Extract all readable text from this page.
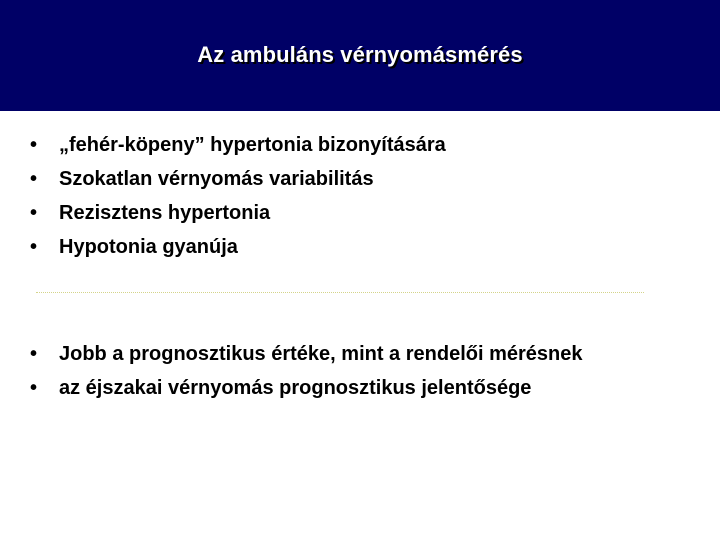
Az ambuláns vérnyomásmérés
•	„fehér-köpeny” hypertonia bizonyítására
•	Szokatlan vérnyomás variabilitás
•	Rezisztens hypertonia
•	Hypotonia gyanúja
•	Jobb a prognosztikus értéke, mint a rendelői mérésnek
•	az éjszakai vérnyomás prognosztikus jelentősége
